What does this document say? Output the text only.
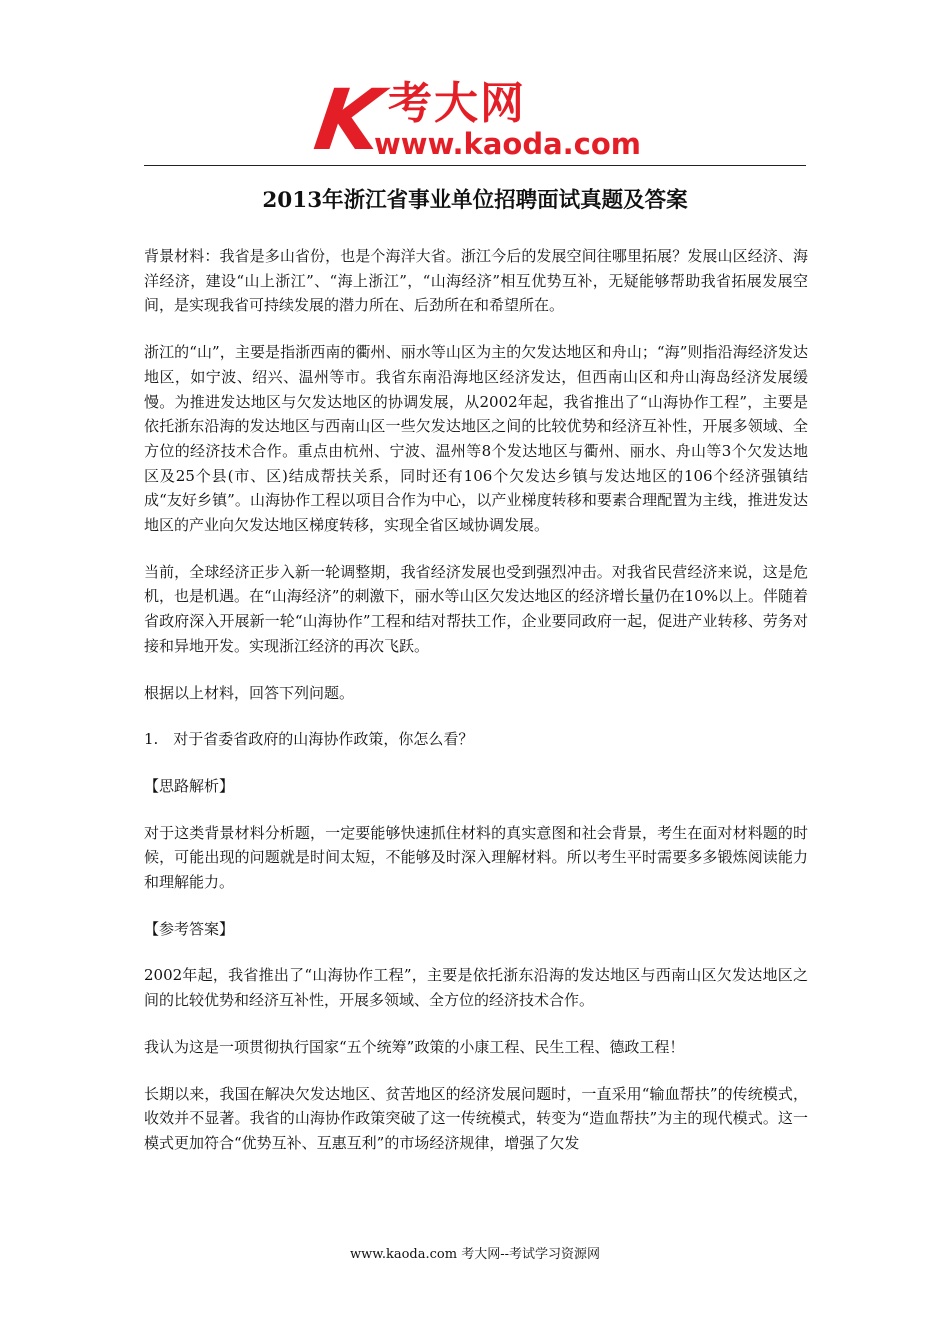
K 考大网
www.kaoda.com
2013年浙江省事业单位招聘面试真题及答案

背景材料：我省是多山省份，也是个海洋大省。浙江今后的发展空间往哪里拓展？发展山区经济、海洋经济，建设“山上浙江”、“海上浙江”，“山海经济”相互优势互补，无疑能够帮助我省拓展发展空间，是实现我省可持续发展的潜力所在、后劲所在和希望所在。

浙江的“山”，主要是指浙西南的衢州、丽水等山区为主的欠发达地区和舟山；“海”则指沿海经济发达地区，如宁波、绍兴、温州等市。我省东南沿海地区经济发达，但西南山区和舟山海岛经济发展缓慢。为推进发达地区与欠发达地区的协调发展，从2002年起，我省推出了“山海协作工程”，主要是依托浙东沿海的发达地区与西南山区一些欠发达地区之间的比较优势和经济互补性，开展多领域、全方位的经济技术合作。重点由杭州、宁波、温州等8个发达地区与衢州、丽水、舟山等3个欠发达地区及25个县(市、区)结成帮扶关系，同时还有106个欠发达乡镇与发达地区的106个经济强镇结成“友好乡镇”。山海协作工程以项目合作为中心，以产业梯度转移和要素合理配置为主线，推进发达地区的产业向欠发达地区梯度转移，实现全省区域协调发展。

当前，全球经济正步入新一轮调整期，我省经济发展也受到强烈冲击。对我省民营经济来说，这是危机，也是机遇。在“山海经济”的刺激下，丽水等山区欠发达地区的经济增长量仍在10%以上。伴随着省政府深入开展新一轮“山海协作”工程和结对帮扶工作，企业要同政府一起，促进产业转移、劳务对接和异地开发。实现浙江经济的再次飞跃。

根据以上材料，回答下列问题。

1.　对于省委省政府的山海协作政策，你怎么看？

【思路解析】

对于这类背景材料分析题，一定要能够快速抓住材料的真实意图和社会背景，考生在面对材料题的时候，可能出现的问题就是时间太短，不能够及时深入理解材料。所以考生平时需要多多锻炼阅读能力和理解能力。

【参考答案】

2002年起，我省推出了“山海协作工程”，主要是依托浙东沿海的发达地区与西南山区欠发达地区之间的比较优势和经济互补性，开展多领域、全方位的经济技术合作。

我认为这是一项贯彻执行国家“五个统筹”政策的小康工程、民生工程、德政工程！

长期以来，我国在解决欠发达地区、贫苦地区的经济发展问题时，一直采用“输血帮扶”的传统模式，收效并不显著。我省的山海协作政策突破了这一传统模式，转变为“造血帮扶”为主的现代模式。这一模式更加符合“优势互补、互惠互利”的市场经济规律，增强了欠发

www.kaoda.com 考大网--考试学习资源网
